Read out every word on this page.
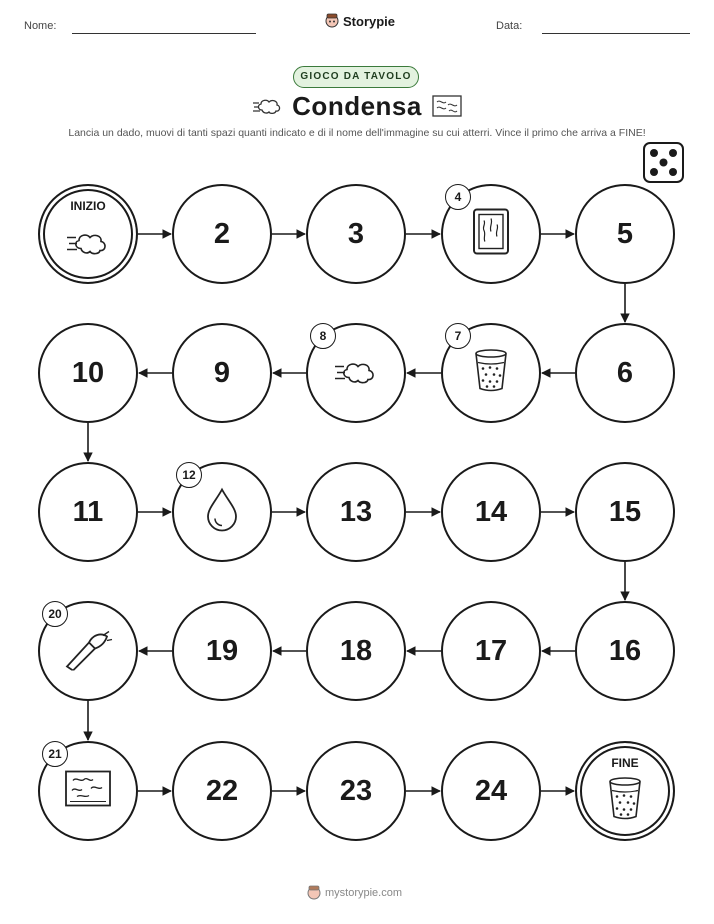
Nome:	Storypie	Data:
GIOCO DA TAVOLO
Condensa
Lancia un dado, muovi di tanti spazi quanti indicato e di il nome dell'immagine su cui atterri. Vince il primo che arriva a FINE!
INIZIO
2	3
4
5
6
7
8
9
10
11
12
13	14	15
16
17
18
19
20
21
22	23	24
FINE
mystorypie.com
